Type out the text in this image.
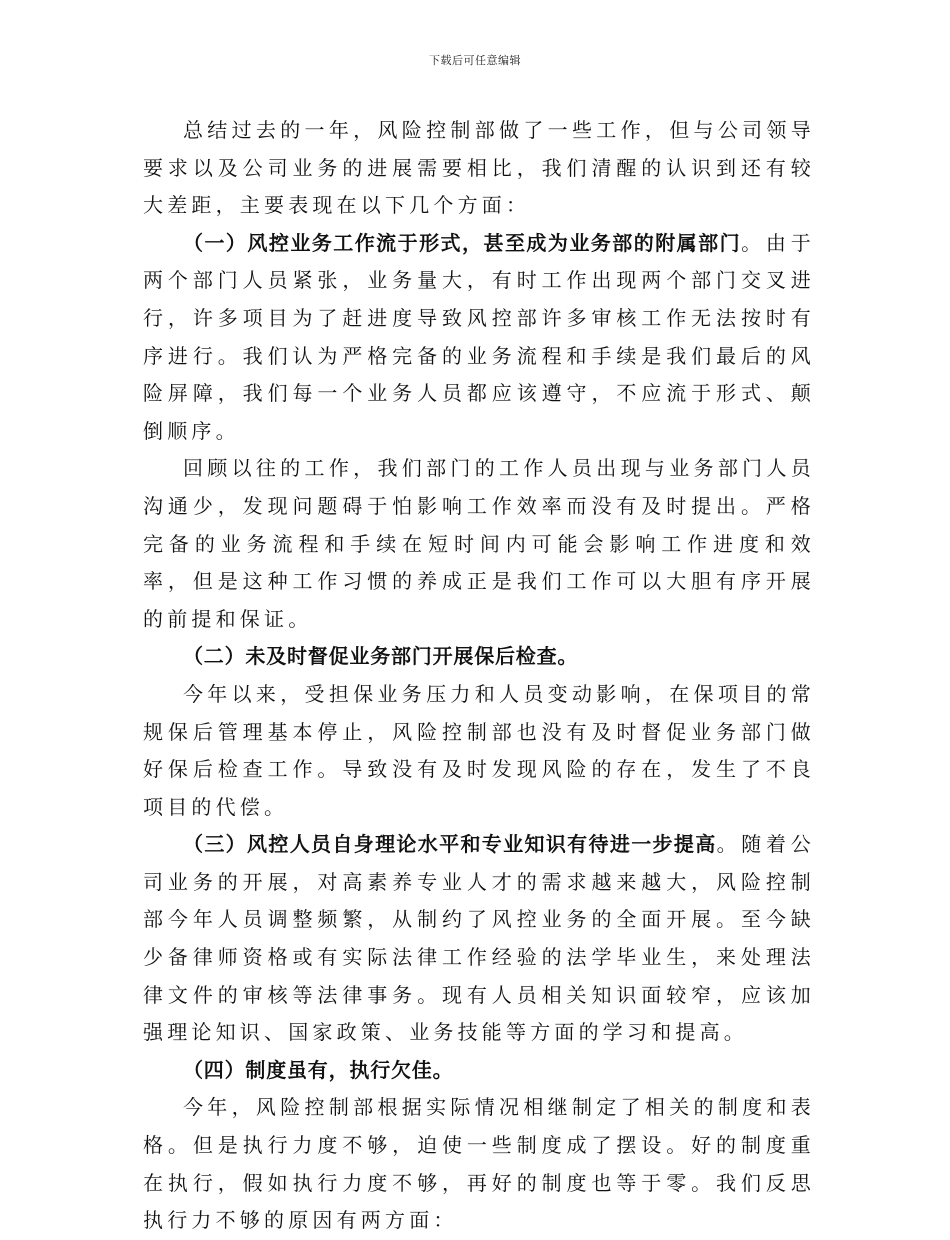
下载后可任意编辑

总结过去的一年，风险控制部做了一些工作，但与公司领导要求以及公司业务的进展需要相比，我们清醒的认识到还有较大差距，主要表现在以下几个方面：

（一）风控业务工作流于形式，甚至成为业务部的附属部门。由于两个部门人员紧张，业务量大，有时工作出现两个部门交叉进行，许多项目为了赶进度导致风控部许多审核工作无法按时有序进行。我们认为严格完备的业务流程和手续是我们最后的风险屏障，我们每一个业务人员都应该遵守，不应流于形式、颠倒顺序。

回顾以往的工作，我们部门的工作人员出现与业务部门人员沟通少，发现问题碍于怕影响工作效率而没有及时提出。严格完备的业务流程和手续在短时间内可能会影响工作进度和效率，但是这种工作习惯的养成正是我们工作可以大胆有序开展的前提和保证。

（二）未及时督促业务部门开展保后检查。

今年以来，受担保业务压力和人员变动影响，在保项目的常规保后管理基本停止，风险控制部也没有及时督促业务部门做好保后检查工作。导致没有及时发现风险的存在，发生了不良项目的代偿。

（三）风控人员自身理论水平和专业知识有待进一步提高。随着公司业务的开展，对高素养专业人才的需求越来越大，风险控制部今年人员调整频繁，从制约了风控业务的全面开展。至今缺少备律师资格或有实际法律工作经验的法学毕业生，来处理法律文件的审核等法律事务。现有人员相关知识面较窄，应该加强理论知识、国家政策、业务技能等方面的学习和提高。

（四）制度虽有，执行欠佳。

今年，风险控制部根据实际情况相继制定了相关的制度和表格。但是执行力度不够，迫使一些制度成了摆设。好的制度重在执行，假如执行力度不够，再好的制度也等于零。我们反思执行力不够的原因有两方面：
